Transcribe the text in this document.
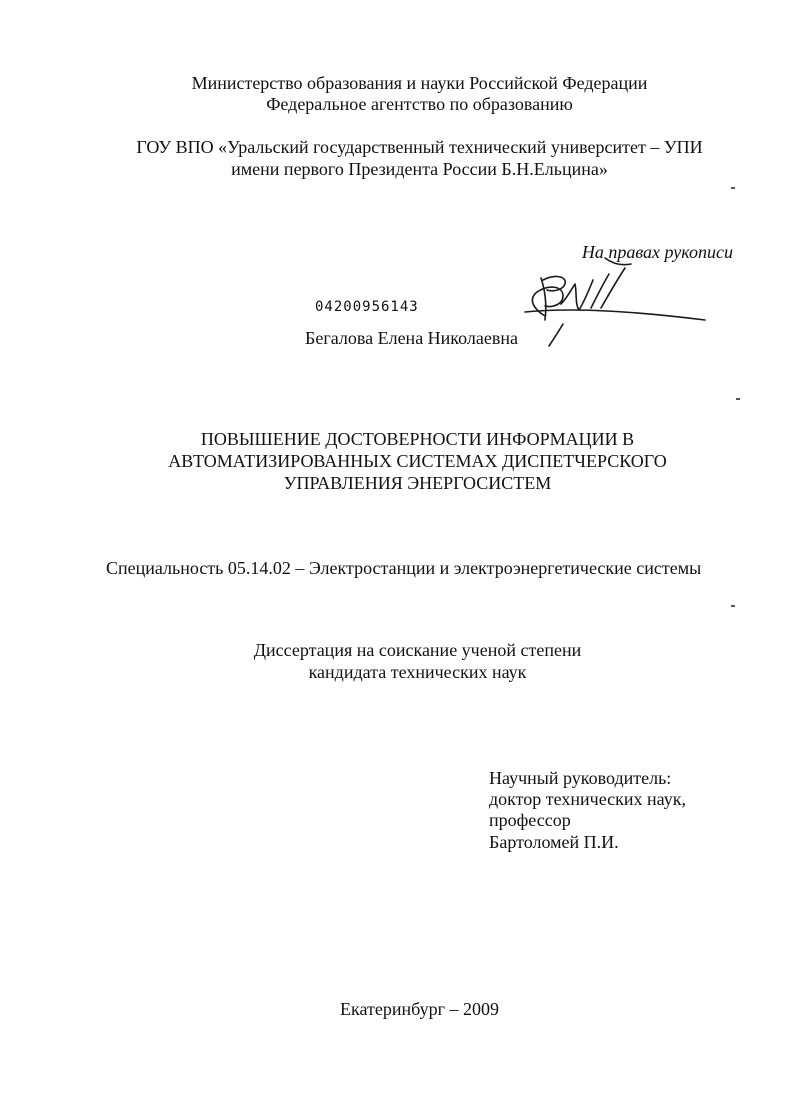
Министерство образования и науки Российской Федерации
Федеральное агентство по образованию
ГОУ ВПО «Уральский государственный технический университет – УПИ
имени первого Президента России Б.Н.Ельцина»
На правах рукописи
04200956143
Бегалова Елена Николаевна
ПОВЫШЕНИЕ ДОСТОВЕРНОСТИ ИНФОРМАЦИИ В
АВТОМАТИЗИРОВАННЫХ СИСТЕМАХ ДИСПЕТЧЕРСКОГО
УПРАВЛЕНИЯ ЭНЕРГОСИСТЕМ
Специальность 05.14.02 – Электростанции и электроэнергетические системы
Диссертация на соискание ученой степени
кандидата технических наук
Научный руководитель:
доктор технических наук,
профессор
Бартоломей П.И.
Екатеринбург – 2009
